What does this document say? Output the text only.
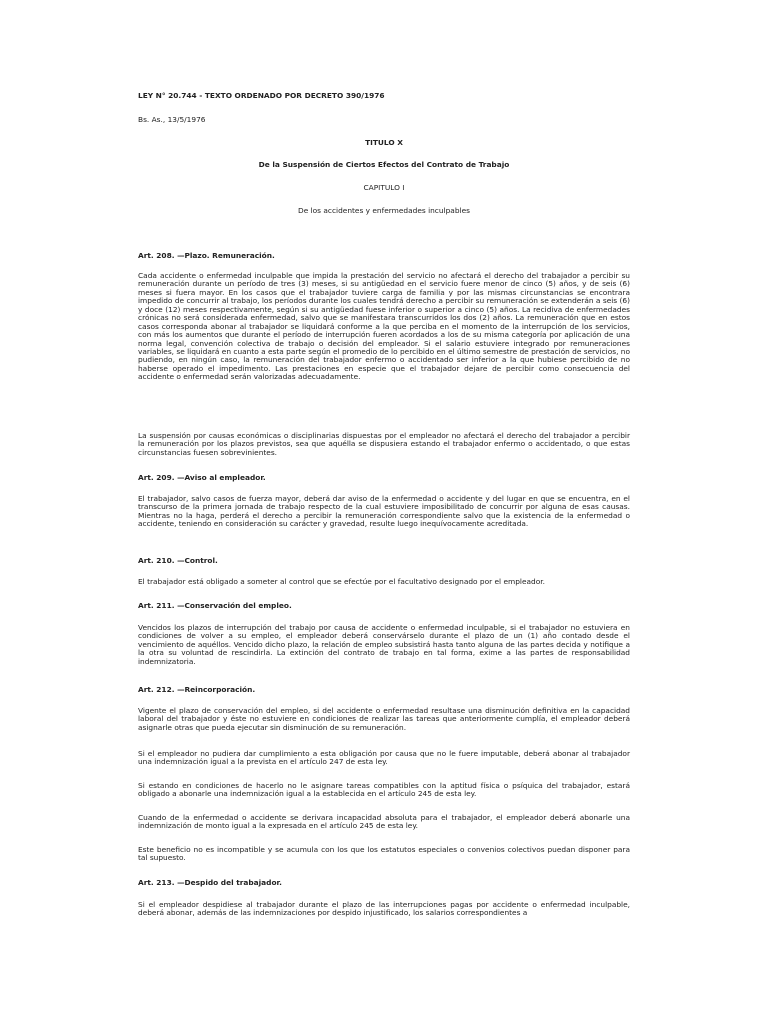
LEY N° 20.744 - TEXTO ORDENADO POR DECRETO 390/1976

Bs. As., 13/5/1976

TITULO X

De la Suspensión de Ciertos Efectos del Contrato de Trabajo

CAPITULO I

De los accidentes y enfermedades inculpables

Art. 208. —Plazo. Remuneración.

Cada accidente o enfermedad inculpable que impida la prestación del servicio no afectará el derecho del trabajador a percibir su remuneración durante un período de tres (3) meses, si su antigüedad en el servicio fuere menor de cinco (5) años, y de seis (6) meses si fuera mayor. En los casos que el trabajador tuviere carga de familia y por las mismas circunstancias se encontrara impedido de concurrir al trabajo, los períodos durante los cuales tendrá derecho a percibir su remuneración se extenderán a seis (6) y doce (12) meses respectivamente, según si su antigüedad fuese inferior o superior a cinco (5) años. La recidiva de enfermedades crónicas no será considerada enfermedad, salvo que se manifestara transcurridos los dos (2) años. La remuneración que en estos casos corresponda abonar al trabajador se liquidará conforme a la que perciba en el momento de la interrupción de los servicios, con más los aumentos que durante el período de interrupción fueren acordados a los de su misma categoría por aplicación de una norma legal, convención colectiva de trabajo o decisión del empleador. Si el salario estuviere integrado por remuneraciones variables, se liquidará en cuanto a esta parte según el promedio de lo percibido en el último semestre de prestación de servicios, no pudiendo, en ningún caso, la remuneración del trabajador enfermo o accidentado ser inferior a la que hubiese percibido de no haberse operado el impedimento. Las prestaciones en especie que el trabajador dejare de percibir como consecuencia del accidente o enfermedad serán valorizadas adecuadamente.

La suspensión por causas económicas o disciplinarias dispuestas por el empleador no afectará el derecho del trabajador a percibir la remuneración por los plazos previstos, sea que aquélla se dispusiera estando el trabajador enfermo o accidentado, o que estas circunstancias fuesen sobrevinientes.

Art. 209. —Aviso al empleador.

El trabajador, salvo casos de fuerza mayor, deberá dar aviso de la enfermedad o accidente y del lugar en que se encuentra, en el transcurso de la primera jornada de trabajo respecto de la cual estuviere imposibilitado de concurrir por alguna de esas causas. Mientras no la haga, perderá el derecho a percibir la remuneración correspondiente salvo que la existencia de la enfermedad o accidente, teniendo en consideración su carácter y gravedad, resulte luego inequívocamente acreditada.

Art. 210. —Control.

El trabajador está obligado a someter al control que se efectúe por el facultativo designado por el empleador.

Art. 211. —Conservación del empleo.

Vencidos los plazos de interrupción del trabajo por causa de accidente o enfermedad inculpable, si el trabajador no estuviera en condiciones de volver a su empleo, el empleador deberá conservárselo durante el plazo de un (1) año contado desde el vencimiento de aquéllos. Vencido dicho plazo, la relación de empleo subsistirá hasta tanto alguna de las partes decida y notifique a la otra su voluntad de rescindirla. La extinción del contrato de trabajo en tal forma, exime a las partes de responsabilidad indemnizatoria.

Art. 212. —Reincorporación.

Vigente el plazo de conservación del empleo, si del accidente o enfermedad resultase una disminución definitiva en la capacidad laboral del trabajador y éste no estuviere en condiciones de realizar las tareas que anteriormente cumplía, el empleador deberá asignarle otras que pueda ejecutar sin disminución de su remuneración.

Si el empleador no pudiera dar cumplimiento a esta obligación por causa que no le fuere imputable, deberá abonar al trabajador una indemnización igual a la prevista en el artículo 247 de esta ley.

Si estando en condiciones de hacerlo no le asignare tareas compatibles con la aptitud física o psíquica del trabajador, estará obligado a abonarle una indemnización igual a la establecida en el artículo 245 de esta ley.

Cuando de la enfermedad o accidente se derivara incapacidad absoluta para el trabajador, el empleador deberá abonarle una indemnización de monto igual a la expresada en el artículo 245 de esta ley.

Este beneficio no es incompatible y se acumula con los que los estatutos especiales o convenios colectivos puedan disponer para tal supuesto.

Art. 213. —Despido del trabajador.

Si el empleador despidiese al trabajador durante el plazo de las interrupciones pagas por accidente o enfermedad inculpable, deberá abonar, además de las indemnizaciones por despido injustificado, los salarios correspondientes a
